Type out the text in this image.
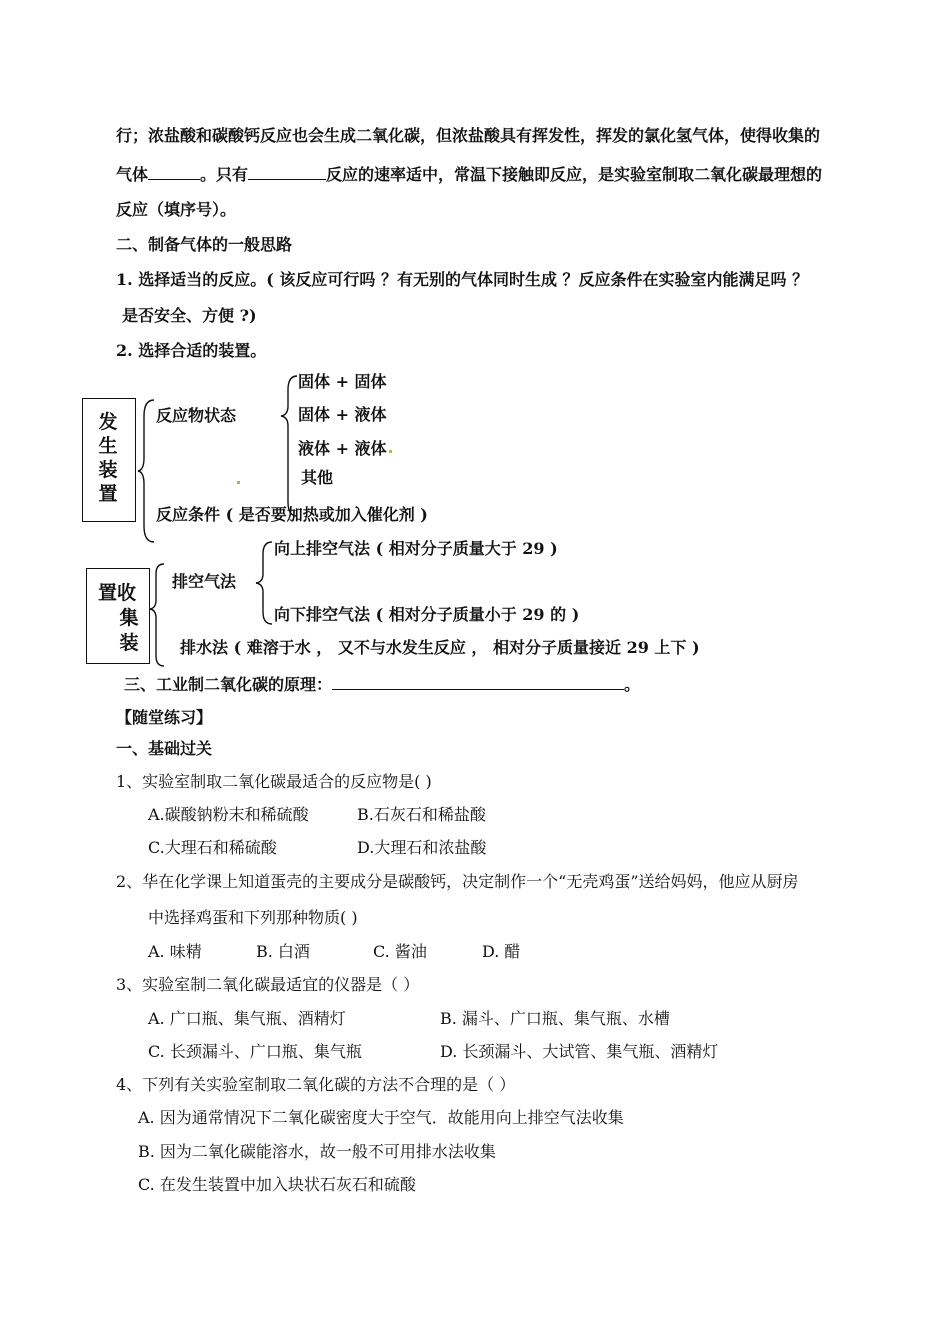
行；浓盐酸和碳酸钙反应也会生成二氧化碳，但浓盐酸具有挥发性，挥发的氯化氢气体，使得收集的
气体	。只有	反应的速率适中，常温下接触即反应，是实验室制取二氧化碳最理想的
反应（填序号）。
二、制备气体的一般思路
1. 选择适当的反应。( 该反应可行吗 ？有无别的气体同时生成 ？反应条件在实验室内能满足吗 ？
是否安全、方便 ?)
2. 选择合适的装置。
发
生
装
置
反应物状态
固体 + 固体
固体 + 液体
液体 + 液体
其他
反应条件 ( 是否要加热或加入催化剂 )
置收
集
装
排空气法
向上排空气法 ( 相对分子质量大于 29 )
向下排空气法 ( 相对分子质量小于 29 的 )
排水法 ( 难溶于水 ， 又不与水发生反应 ， 相对分子质量接近 29 上下 )
三、工业制二氧化碳的原理：	。
【随堂练习】
一、基础过关
1、实验室制取二氧化碳最适合的反应物是( )
A.碳酸钠粉末和稀硫酸	B.石灰石和稀盐酸
C.大理石和稀硫酸	D.大理石和浓盐酸
2、华在化学课上知道蛋壳的主要成分是碳酸钙，决定制作一个“无壳鸡蛋”送给妈妈，他应从厨房
中选择鸡蛋和下列那种物质( )
A. 味精	B. 白酒	C. 酱油	D. 醋
3、实验室制二氧化碳最适宜的仪器是（ ）
A. 广口瓶、集气瓶、酒精灯	B. 漏斗、广口瓶、集气瓶、水槽
C. 长颈漏斗、广口瓶、集气瓶	D. 长颈漏斗、大试管、集气瓶、酒精灯
4、下列有关实验室制取二氧化碳的方法不合理的是（ ）
A. 因为通常情况下二氧化碳密度大于空气．故能用向上排空气法收集
B. 因为二氧化碳能溶水，故一般不可用排水法收集
C. 在发生装置中加入块状石灰石和硫酸
